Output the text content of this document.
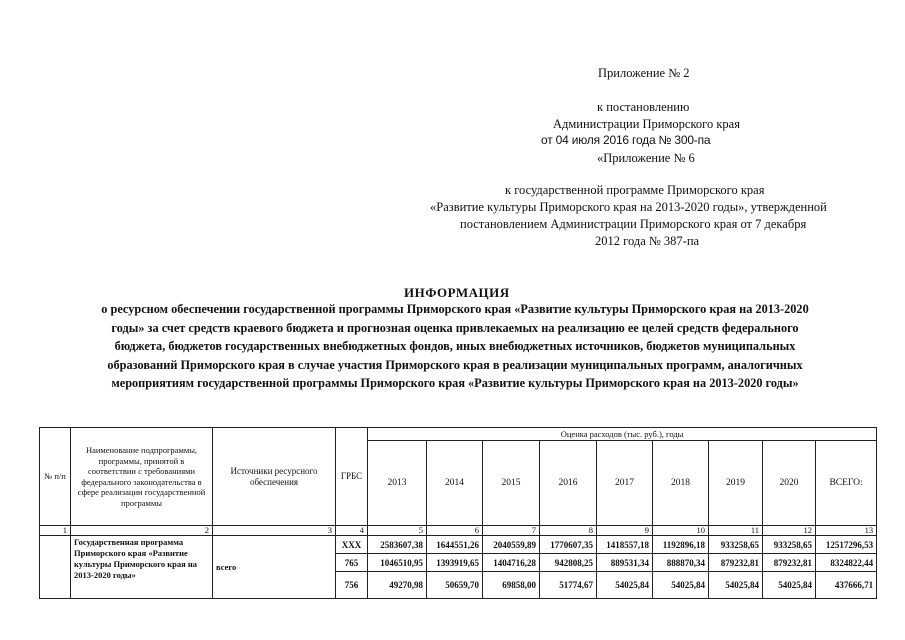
Приложение № 2
к постановлению
Администрации Приморского края
от 04 июля 2016 года № 300-па
«Приложение № 6
к государственной программе Приморского края
«Развитие культуры Приморского края на 2013-2020 годы», утвержденной
постановлением Администрации Приморского края от 7 декабря
2012 года № 387-па
ИНФОРМАЦИЯ
о ресурсном обеспечении государственной программы Приморского края «Развитие культуры Приморского края на 2013-2020
годы» за счет средств краевого бюджета и прогнозная оценка привлекаемых на реализацию ее целей средств федерального
бюджета, бюджетов государственных внебюджетных фондов, иных внебюджетных источников, бюджетов муниципальных
образований Приморского края в случае участия Приморского края в реализации муниципальных программ, аналогичных
мероприятиям государственной программы Приморского края «Развитие культуры Приморского края на 2013-2020 годы»
№ п/п	Наименование подпрограммы, программы, принятой в соответствии с требованиями федерального законодательства в сфере реализации государственной программы	Источники ресурсного обеспечения	ГРБС	Оценка расходов (тыс. руб.), годы								
				2013	2014	2015	2016	2017	2018	2019	2020	ВСЕГО:
1	2	3	4	5	6	7	8	9	10	11	12	13
	Государственная программа Приморского края «Развитие культуры Приморского края на 2013-2020 годы»	всего	ХХХ	2583607,38	1644551,26	2040559,89	1770607,35	1418557,18	1192896,18	933258,65	933258,65	12517296,53
			765	1046510,95	1393919,65	1404716,28	942808,25	889531,34	888870,34	879232,81	879232,81	8324822,44
			756	49270,98	50659,70	69858,00	51774,67	54025,84	54025,84	54025,84	54025,84	437666,71
